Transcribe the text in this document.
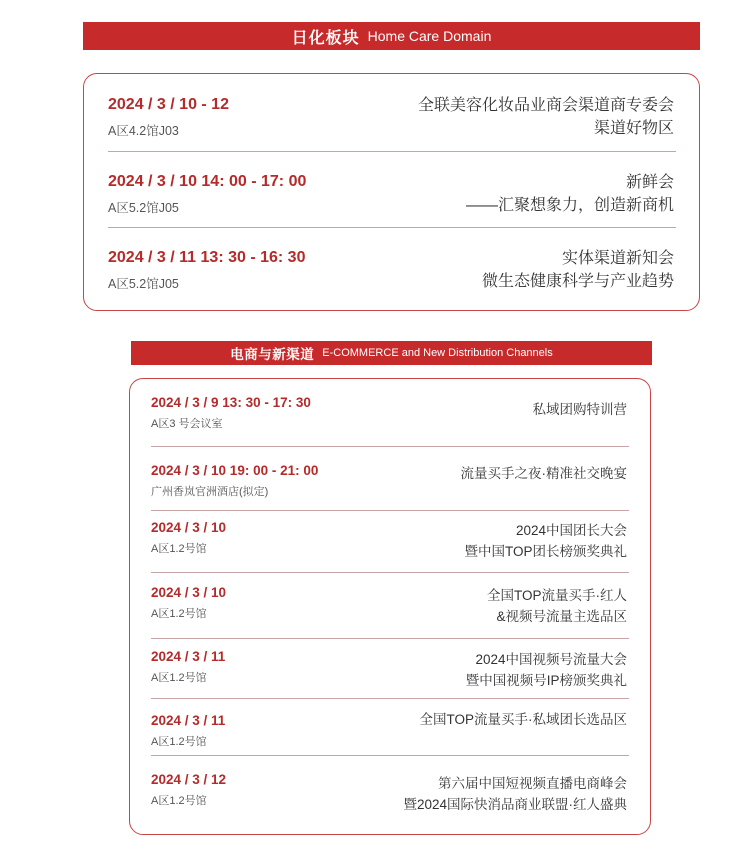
日化板块 Home Care Domain
2024 / 3 / 10 - 12
A区4.2馆J03
全联美容化妆品业商会渠道商专委会
渠道好物区
2024 / 3 / 10 14: 00 - 17: 00
A区5.2馆J05
新鲜会
——汇聚想象力，创造新商机
2024 / 3 / 11 13: 30 - 16: 30
A区5.2馆J05
实体渠道新知会
微生态健康科学与产业趋势
电商与新渠道 E-COMMERCE and New Distribution Channels
2024 / 3 / 9 13: 30 - 17: 30
A区3 号会议室
私域团购特训营
2024 / 3 / 10 19: 00 - 21: 00
广州香岚官洲酒店(拟定)
流量买手之夜·精准社交晚宴
2024 / 3 / 10
A区1.2号馆
2024中国团长大会
暨中国TOP团长榜颁奖典礼
2024 / 3 / 10
A区1.2号馆
全国TOP流量买手·红人
&视频号流量主选品区
2024 / 3 / 11
A区1.2号馆
2024中国视频号流量大会
暨中国视频号IP榜颁奖典礼
2024 / 3 / 11
A区1.2号馆
全国TOP流量买手·私域团长选品区
2024 / 3 / 12
A区1.2号馆
第六届中国短视频直播电商峰会
暨2024国际快消品商业联盟·红人盛典
